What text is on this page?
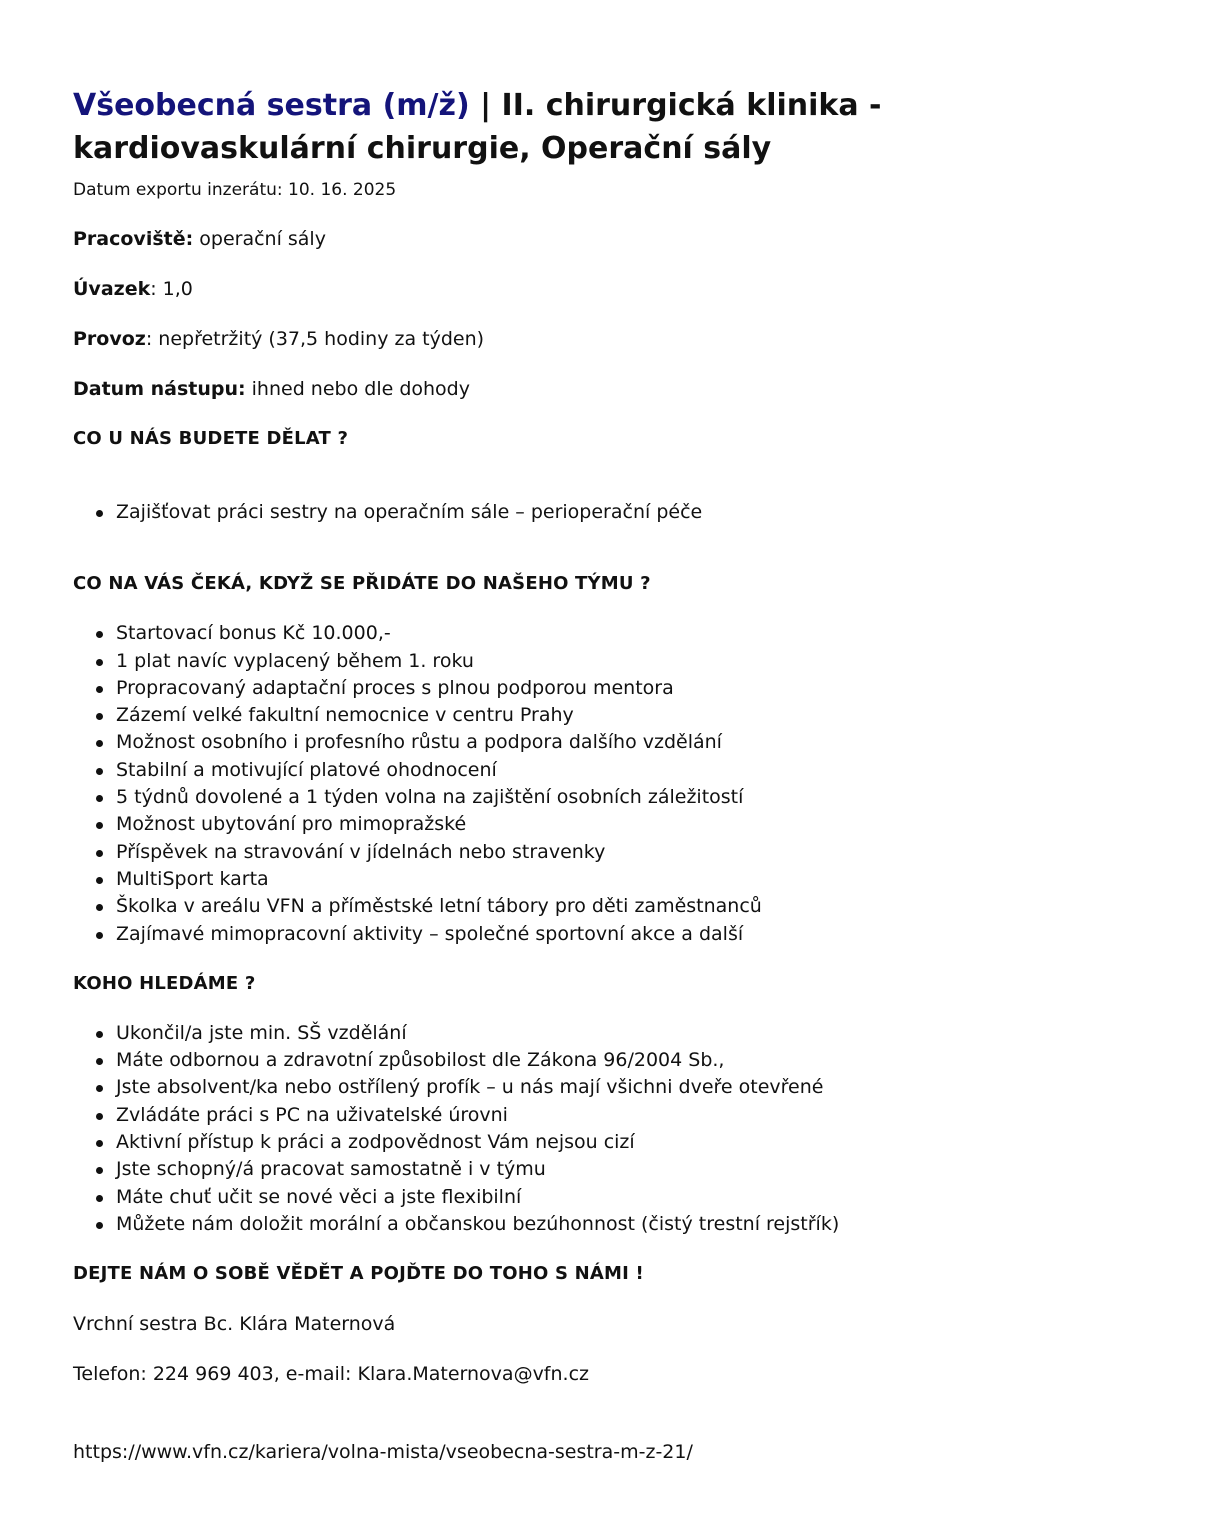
Všeobecná sestra (m/ž) | II. chirurgická klinika - kardiovaskulární chirurgie, Operační sály

Datum exportu inzerátu: 10. 16. 2025

Pracoviště: operační sály

Úvazek: 1,0

Provoz: nepřetržitý (37,5 hodiny za týden)

Datum nástupu: ihned nebo dle dohody

CO U NÁS BUDETE DĚLAT ?
Zajišťovat práci sestry na operačním sále – perioperační péče
CO NA VÁS ČEKÁ, KDYŽ SE PŘIDÁTE DO NAŠEHO TÝMU ?
Startovací bonus Kč 10.000,-
1 plat navíc vyplacený během 1. roku
Propracovaný adaptační proces s plnou podporou mentora
Zázemí velké fakultní nemocnice v centru Prahy
Možnost osobního i profesního růstu a podpora dalšího vzdělání
Stabilní a motivující platové ohodnocení
5 týdnů dovolené a 1 týden volna na zajištění osobních záležitostí
Možnost ubytování pro mimopražské
Příspěvek na stravování v jídelnách nebo stravenky
MultiSport karta
Školka v areálu VFN a příměstské letní tábory pro děti zaměstnanců
Zajímavé mimopracovní aktivity – společné sportovní akce a další
KOHO HLEDÁME ?
Ukončil/a jste min. SŠ vzdělání
Máte odbornou a zdravotní způsobilost dle Zákona 96/2004 Sb.,
Jste absolvent/ka nebo ostřílený profík – u nás mají všichni dveře otevřené
Zvládáte práci s PC na uživatelské úrovni
Aktivní přístup k práci a zodpovědnost Vám nejsou cizí
Jste schopný/á pracovat samostatně i v týmu
Máte chuť učit se nové věci a jste flexibilní
Můžete nám doložit morální a občanskou bezúhonnost (čistý trestní rejstřík)
DEJTE NÁM O SOBĚ VĚDĚT A POJĎTE DO TOHO S NÁMI !

Vrchní sestra Bc. Klára Maternová

Telefon: 224 969 403, e-mail: Klara.Maternova@vfn.cz

https://www.vfn.cz/kariera/volna-mista/vseobecna-sestra-m-z-21/
